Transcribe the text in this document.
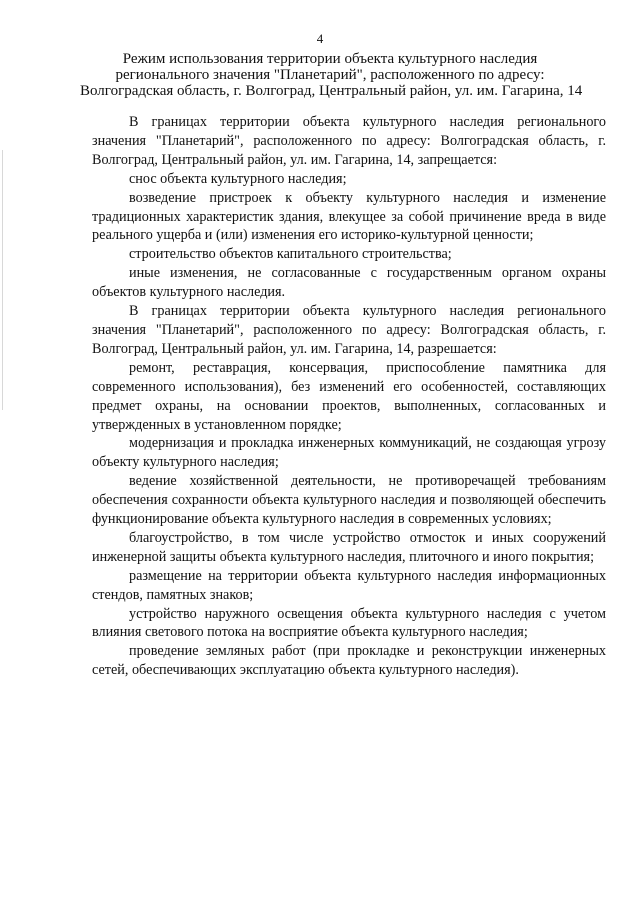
4
Режим использования территории объекта культурного наследия
регионального значения "Планетарий", расположенного по адресу:
Волгоградская область, г. Волгоград, Центральный район, ул. им. Гагарина, 14

В границах территории объекта культурного наследия регионального значения "Планетарий", расположенного по адресу: Волгоградская область, г. Волгоград, Центральный район, ул. им. Гагарина, 14, запрещается:

снос объекта культурного наследия;

возведение пристроек к объекту культурного наследия и изменение традиционных характеристик здания, влекущее за собой причинение вреда в виде реального ущерба и (или) изменения его историко-культурной ценности;

строительство объектов капитального строительства;

иные изменения, не согласованные с государственным органом охраны объектов культурного наследия.

В границах территории объекта культурного наследия регионального значения "Планетарий", расположенного по адресу: Волгоградская область, г. Волгоград, Центральный район, ул. им. Гагарина, 14, разрешается:

ремонт, реставрация, консервация, приспособление памятника для современного использования), без изменений его особенностей, составляющих предмет охраны, на основании проектов, выполненных, согласованных и утвержденных в установленном порядке;

модернизация и прокладка инженерных коммуникаций, не создающая угрозу объекту культурного наследия;

ведение хозяйственной деятельности, не противоречащей требованиям обеспечения сохранности объекта культурного наследия и позволяющей обеспечить функционирование объекта культурного наследия в современных условиях;

благоустройство, в том числе устройство отмосток и иных сооружений инженерной защиты объекта культурного наследия, плиточного и иного покрытия;

размещение на территории объекта культурного наследия информационных стендов, памятных знаков;

устройство наружного освещения объекта культурного наследия с учетом влияния светового потока на восприятие объекта культурного наследия;

проведение земляных работ (при прокладке и реконструкции инженерных сетей, обеспечивающих эксплуатацию объекта культурного наследия).
